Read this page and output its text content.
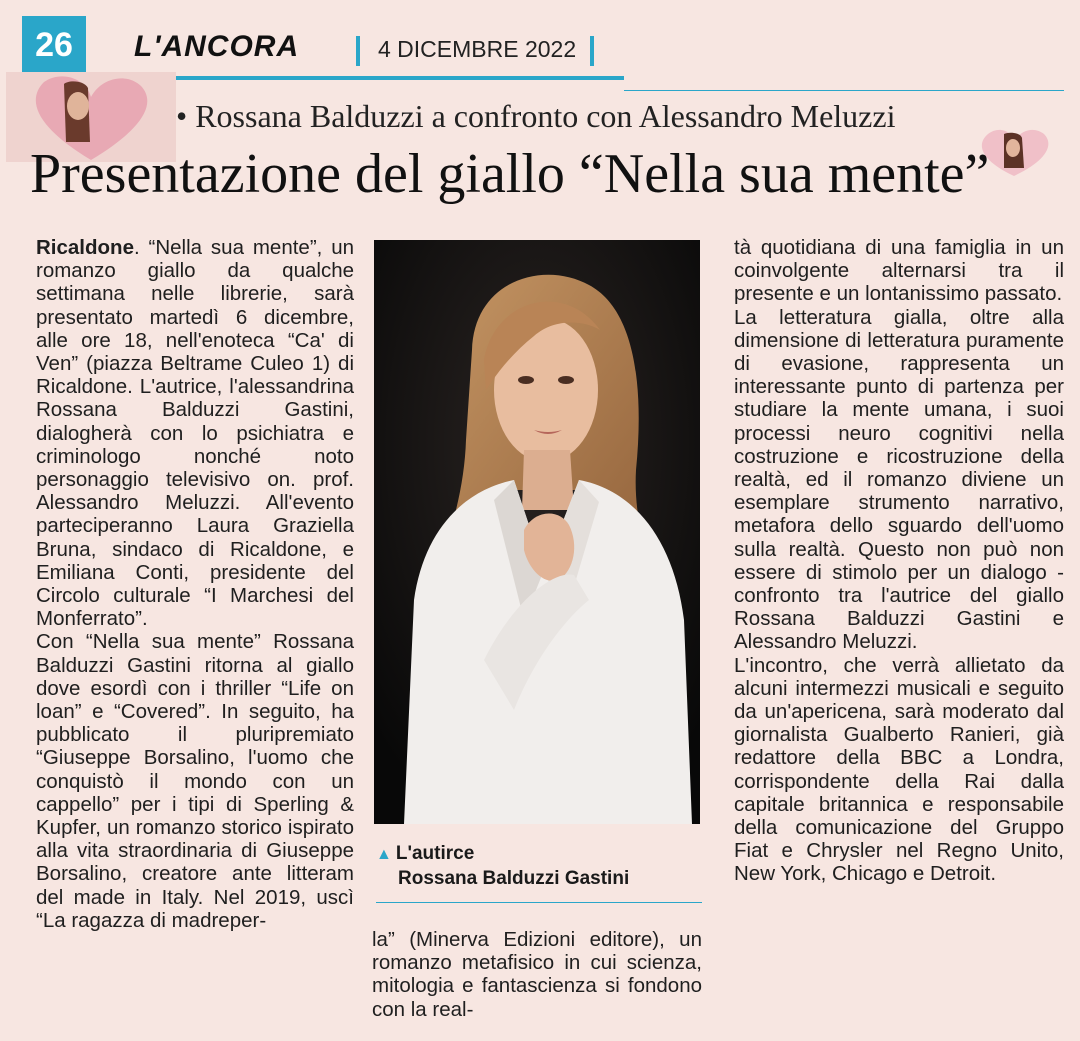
26	L'ANCORA	4 DICEMBRE 2022
• Rossana Balduzzi a confronto con Alessandro Meluzzi
Presentazione del giallo “Nella sua mente”
Ricaldone. “Nella sua mente”, un romanzo giallo da qualche settimana nelle librerie, sarà presentato martedì 6 dicembre, alle ore 18, nell'enoteca “Ca' di Ven” (piazza Beltrame Culeo 1) di Ricaldone. L'autrice, l'alessandrina Rossana Balduzzi Gastini, dialogherà con lo psichiatra e criminologo nonché noto personaggio televisivo on. prof. Alessandro Meluzzi. All'evento parteciperanno Laura Graziella Bruna, sindaco di Ricaldone, e Emiliana Conti, presidente del Circolo culturale “I Marchesi del Monferrato”.
Con “Nella sua mente” Rossana Balduzzi Gastini ritorna al giallo dove esordì con i thriller “Life on loan” e “Covered”. In seguito, ha pubblicato il pluripremiato “Giuseppe Borsalino, l'uomo che conquistò il mondo con un cappello” per i tipi di Sperling & Kupfer, un romanzo storico ispirato alla vita straordinaria di Giuseppe Borsalino, creatore ante litteram del made in Italy. Nel 2019, uscì “La ragazza di madreper-
▲ L'autirce
Rossana Balduzzi Gastini
la” (Minerva Edizioni editore), un romanzo metafisico in cui scienza, mitologia e fantascienza si fondono con la real-
tà quotidiana di una famiglia in un coinvolgente alternarsi tra il presente e un lontanissimo passato.
La letteratura gialla, oltre alla dimensione di letteratura puramente di evasione, rappresenta un interessante punto di partenza per studiare la mente umana, i suoi processi neuro cognitivi nella costruzione e ricostruzione della realtà, ed il romanzo diviene un esemplare strumento narrativo, metafora dello sguardo dell'uomo sulla realtà. Questo non può non essere di stimolo per un dialogo - confronto tra l'autrice del giallo Rossana Balduzzi Gastini e Alessandro Meluzzi.
L'incontro, che verrà allietato da alcuni intermezzi musicali e seguito da un'apericena, sarà moderato dal giornalista Gualberto Ranieri, già redattore della BBC a Londra, corrispondente della Rai dalla capitale britannica e responsabile della comunicazione del Gruppo Fiat e Chrysler nel Regno Unito, New York, Chicago e Detroit.
